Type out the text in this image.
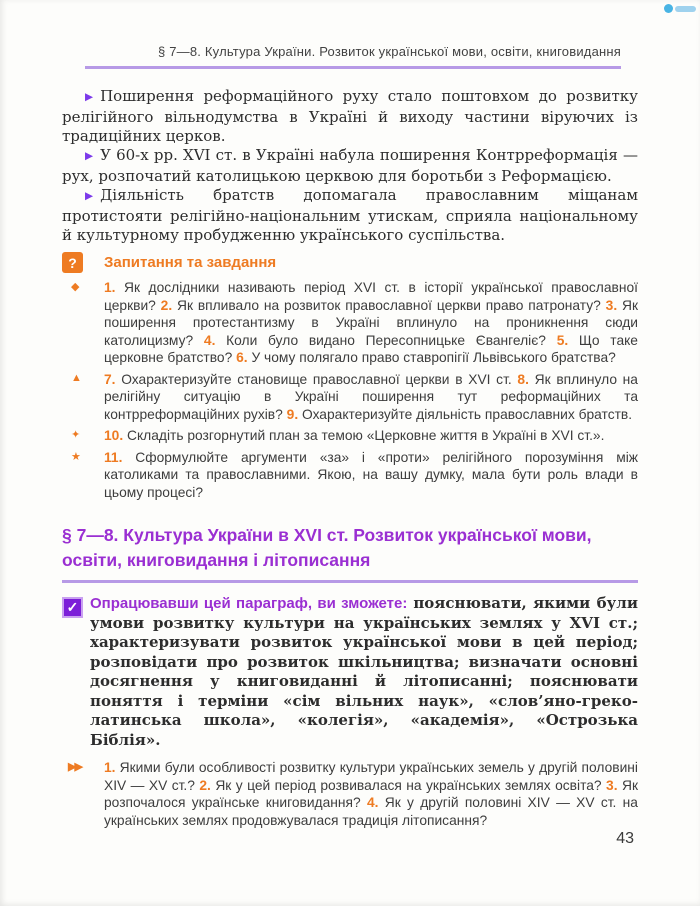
§ 7—8. Культура України. Розвиток української мови, освіти, книговидання

▶ Поширення реформаційного руху стало поштовхом до розвитку релігійного вільнодумства в Україні й виходу частини віруючих із традиційних церков.

▶ У 60-х рр. XVI ст. в Україні набула поширення Контрреформація — рух, розпочатий католицькою церквою для боротьби з Реформацією.

▶ Діяльність братств допомагала православним міщанам протистояти релігійно-національним утискам, сприяла національному й культурному пробудженню українського суспільства.

? Запитання та завдання
◆ 1. Як дослідники називають період XVI ст. в історії української православної церкви? 2. Як впливало на розвиток православної церкви право патронату? 3. Як поширення протестантизму в Україні вплинуло на проникнення сюди католицизму? 4. Коли було видано Пересопницьке Євангеліє? 5. Що таке церковне братство? 6. У чому полягало право ставропігії Львівського братства?

▲ 7. Охарактеризуйте становище православної церкви в XVI ст. 8. Як вплинуло на релігійну ситуацію в Україні поширення тут реформаційних та контрреформаційних рухів? 9. Охарактеризуйте діяльність православних братств.

✦ 10. Складіть розгорнутий план за темою «Церковне життя в Україні в XVI ст.».

★ 11. Сформулюйте аргументи «за» і «проти» релігійного порозуміння між католиками та православними. Якою, на вашу думку, мала бути роль влади в цьому процесі?

§ 7—8. Культура України в XVI ст. Розвиток української мови, освіти, книговидання і літописання
✓ Опрацювавши цей параграф, ви зможете: пояснювати, якими були умови розвитку культури на українських землях у XVI ст.; характеризувати розвиток української мови в цей період; розповідати про розвиток шкільництва; визначати основні досягнення у книговиданні й літописанні; пояснювати поняття і терміни «сім вільних наук», «слов’яно-греко-латинська школа», «колегія», «академія», «Острозька Біблія».

▶▶ 1. Якими були особливості розвитку культури українських земель у другій половині XIV — XV ст.? 2. Як у цей період розвивалася на українських землях освіта? 3. Як розпочалося українське книговидання? 4. Як у другій половині XIV — XV ст. на українських землях продовжувалася традиція літописання?

43
